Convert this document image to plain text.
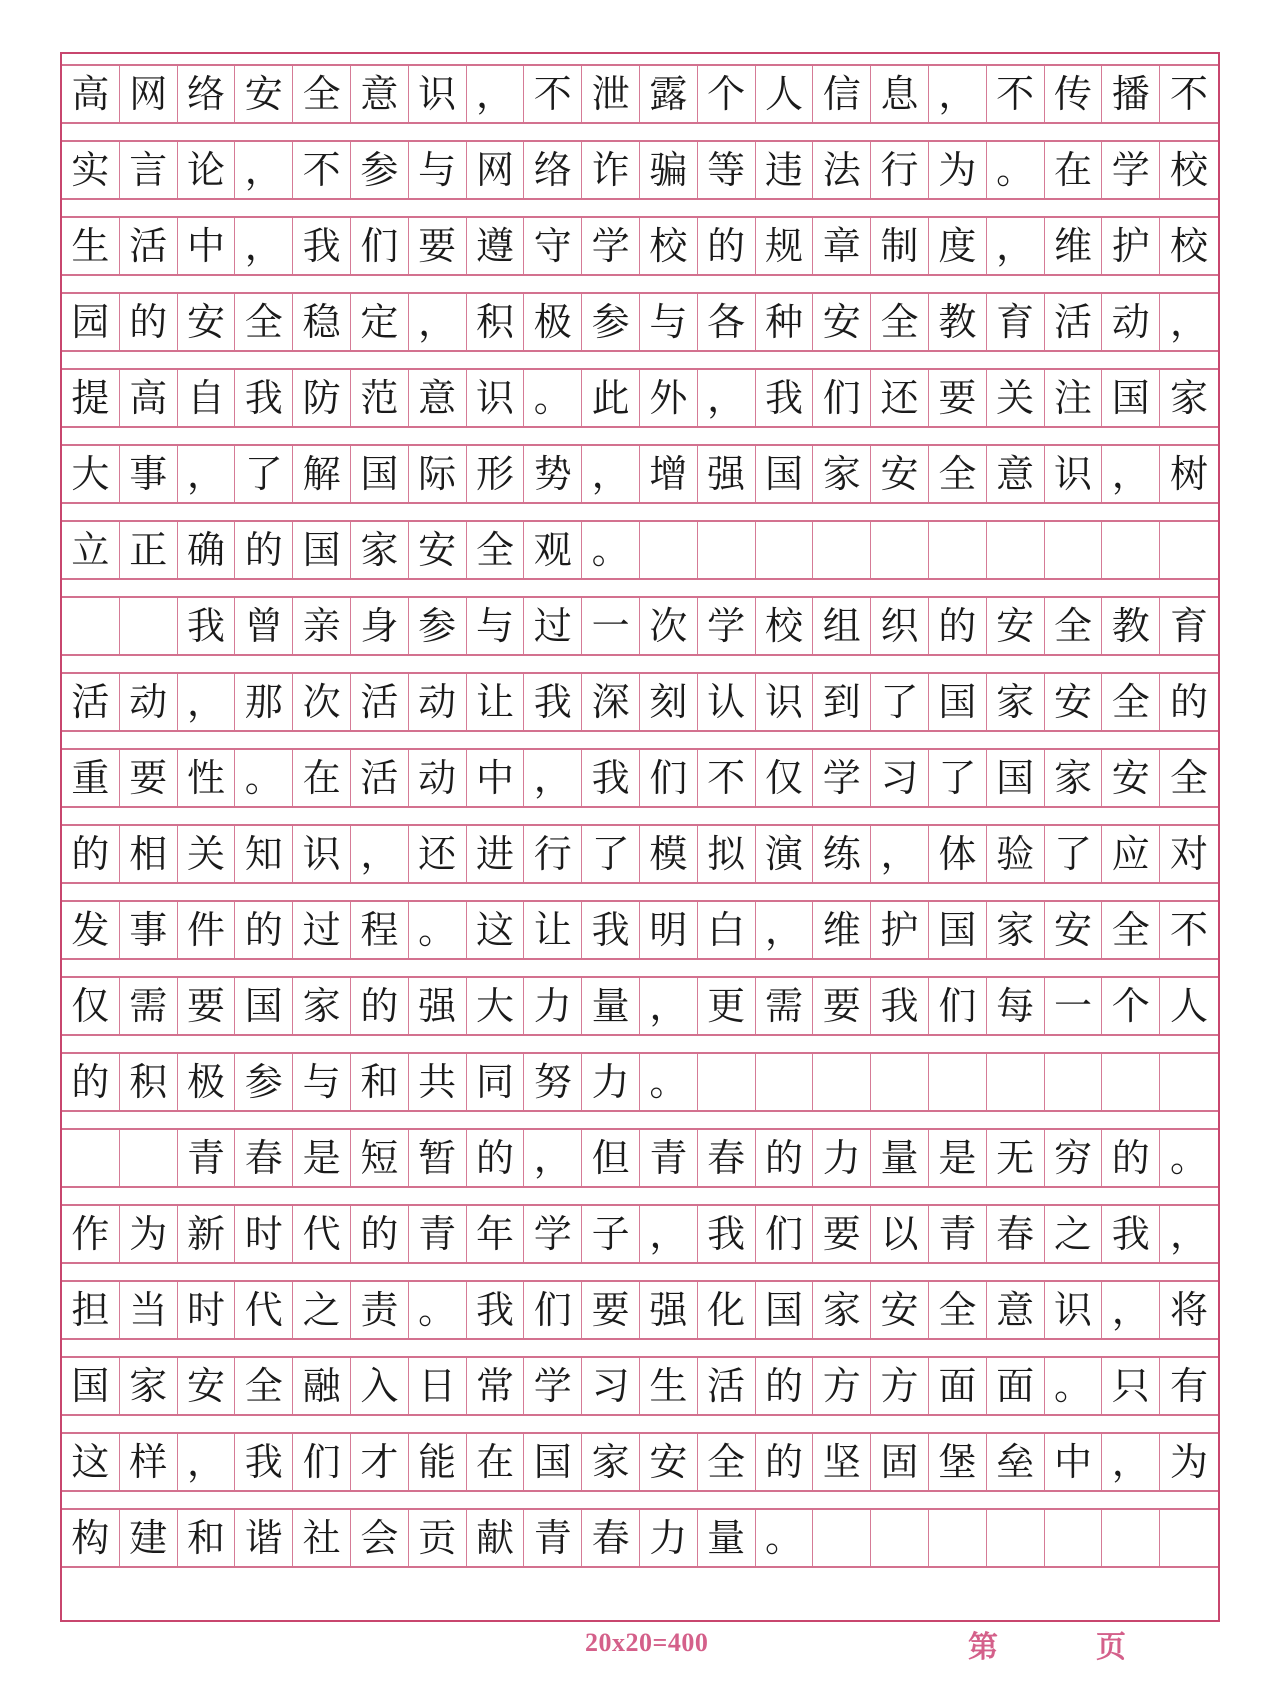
高 网 络 安 全 意 识 ， 不 泄 露 个 人 信 息 ， 不 传 播 不
实 言 论 ， 不 参 与 网 络 诈 骗 等 违 法 行 为 。 在 学 校
生 活 中 ， 我 们 要 遵 守 学 校 的 规 章 制 度 ， 维 护 校
园 的 安 全 稳 定 ， 积 极 参 与 各 种 安 全 教 育 活 动 ，
提 高 自 我 防 范 意 识 。 此 外 ， 我 们 还 要 关 注 国 家
大 事 ， 了 解 国 际 形 势 ， 增 强 国 家 安 全 意 识 ， 树
立 正 确 的 国 家 安 全 观 。
我 曾 亲 身 参 与 过 一 次 学 校 组 织 的 安 全 教 育
活 动 ， 那 次 活 动 让 我 深 刻 认 识 到 了 国 家 安 全 的
重 要 性 。 在 活 动 中 ， 我 们 不 仅 学 习 了 国 家 安 全
的 相 关 知 识 ， 还 进 行 了 模 拟 演 练 ， 体 验 了 应 对
发 事 件 的 过 程 。 这 让 我 明 白 ， 维 护 国 家 安 全 不
仅 需 要 国 家 的 强 大 力 量 ， 更 需 要 我 们 每 一 个 人
的 积 极 参 与 和 共 同 努 力 。
青 春 是 短 暂 的 ， 但 青 春 的 力 量 是 无 穷 的 。
作 为 新 时 代 的 青 年 学 子 ， 我 们 要 以 青 春 之 我 ，
担 当 时 代 之 责 。 我 们 要 强 化 国 家 安 全 意 识 ， 将
国 家 安 全 融 入 日 常 学 习 生 活 的 方 方 面 面 。 只 有
这 样 ， 我 们 才 能 在 国 家 安 全 的 坚 固 堡 垒 中 ， 为
构 建 和 谐 社 会 贡 献 青 春 力 量 。
20x20=400	第	页
